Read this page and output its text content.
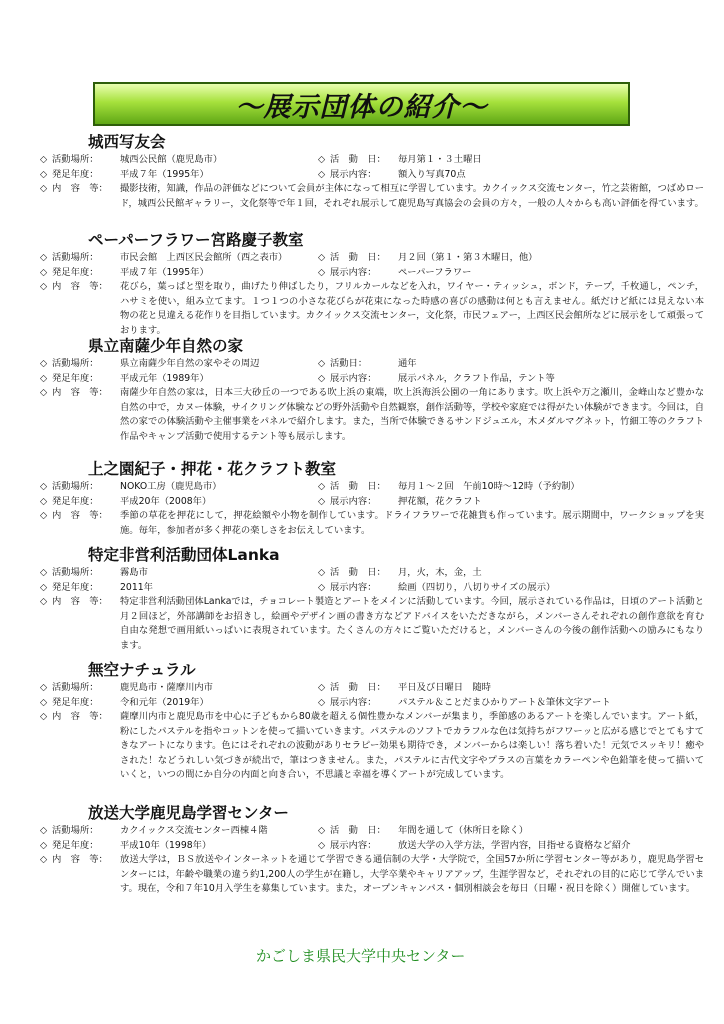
～展示団体の紹介～
城西写友会
◇ 活動場所：	城西公民館（鹿児島市）	◇ 活　動　日：	毎月第１・３土曜日
◇ 発足年度：	平成７年（1995年）	◇ 展示内容：	額入り写真70点
◇ 内　容　等：	撮影技術，知識，作品の評価などについて会員が主体になって相互に学習しています。カクイックス交流センター，竹之芸術館，つばめロード，城西公民館ギャラリー，文化祭等で年１回，それぞれ展示して鹿児島写真協会の会員の方々，一般の人々からも高い評価を得ています。
ペーパーフラワー宮路慶子教室
◇ 活動場所：	市民会館　上西区民会館所（西之表市）	◇ 活　動　日：	月２回（第１・第３木曜日，他）
◇ 発足年度：	平成７年（1995年）	◇ 展示内容：	ペーパーフラワー
◇ 内　容　等：	花びら，葉っぱと型を取り，曲げたり伸ばしたり，フリルカールなどを入れ，ワイヤー・ティッシュ，ボンド，テープ，千枚通し，ペンチ，ハサミを使い，組み立てます。１つ１つの小さな花びらが花束になった時感の喜びの感動は何とも言えません。紙だけど紙には見えない本物の花と見違える花作りを目指しています。カクイックス交流センター，文化祭，市民フェアー，上西区民会館所などに展示をして頑張っております。
県立南薩少年自然の家
◇ 活動場所：	県立南薩少年自然の家やその周辺	◇ 活動日：	通年
◇ 発足年度：	平成元年（1989年）	◇ 展示内容：	展示パネル，クラフト作品，テント等
◇ 内　容　等：	南薩少年自然の家は，日本三大砂丘の一つである吹上浜の東端，吹上浜海浜公園の一角にあります。吹上浜や万之瀬川，金峰山など豊かな自然の中で，カヌー体験，サイクリング体験などの野外活動や自然観察，創作活動等，学校や家庭では得がたい体験ができます。今回は，自然の家での体験活動や主催事業をパネルで紹介します。また，当所で体験できるサンドジュエル，木メダルマグネット，竹細工等のクラフト作品やキャンプ活動で使用するテント等も展示します。
上之園紀子・押花・花クラフト教室
◇ 活動場所：	NOKO工房（鹿児島市）	◇ 活　動　日：	毎月１～２回　午前10時～12時（予約制）
◇ 発足年度：	平成20年（2008年）	◇ 展示内容：	押花額，花クラフト
◇ 内　容　等：	季節の草花を押花にして，押花絵額や小物を制作しています。ドライフラワーで花雑貨も作っています。展示期間中，ワークショップを実施。毎年，参加者が多く押花の楽しさをお伝えしています。
特定非営利活動団体Lanka
◇ 活動場所：	霧島市	◇ 活　動　日：	月，火，木，金，土
◇ 発足年度：	2011年	◇ 展示内容：	絵画（四切り，八切りサイズの展示）
◇ 内　容　等：	特定非営利活動団体Lankaでは，チョコレート製造とアートをメインに活動しています。今回，展示されている作品は，日頃のアート活動と月２回ほど，外部講師をお招きし，絵画やデザイン画の書き方などアドバイスをいただきながら，メンバーさんそれぞれの創作意欲を育む自由な発想で画用紙いっぱいに表現されています。たくさんの方々にご覧いただけると，メンバーさんの今後の創作活動への励みにもなります。
無空ナチュラル
◇ 活動場所：	鹿児島市・薩摩川内市	◇ 活　動　日：	平日及び日曜日　随時
◇ 発足年度：	令和元年（2019年）	◇ 展示内容：	パステル＆ことだまひかりアート＆筆休文字アート
◇ 内　容　等：	薩摩川内市と鹿児島市を中心に子どもから80歳を超える個性豊かなメンバーが集まり，季節感のあるアートを楽しんでいます。アート紙，粉にしたパステルを指やコットンを使って描いていきます。パステルのソフトでカラフルな色は気持ちがフワーッと広がる感じでとてもすてきなアートになります。色にはそれぞれの波動がありセラピー効果も期待でき，メンバーからは楽しい！落ち着いた！元気でスッキリ！癒やされた！などうれしい気づきが続出で，筆はつきません。また，パステルに古代文字やプラスの言葉をカラーペンや色鉛筆を使って描いていくと，いつの間にか自分の内面と向き合い，不思議と幸福を導くアートが完成しています。
放送大学鹿児島学習センター
◇ 活動場所：	カクイックス交流センター西棟４階	◇ 活　動　日：	年間を通して（休所日を除く）
◇ 発足年度：	平成10年（1998年）	◇ 展示内容：	放送大学の入学方法，学習内容，目指せる資格など紹介
◇ 内　容　等：	放送大学は，ＢＳ放送やインターネットを通じて学習できる通信制の大学・大学院で，全国57か所に学習センター等があり，鹿児島学習センターには，年齢や職業の違う約1,200人の学生が在籍し，大学卒業やキャリアアップ，生涯学習など，それぞれの目的に応じて学んでいます。現在，令和７年10月入学生を募集しています。また，オープンキャンパス・個別相談会を毎日（日曜・祝日を除く）開催しています。
かごしま県民大学中央センター
